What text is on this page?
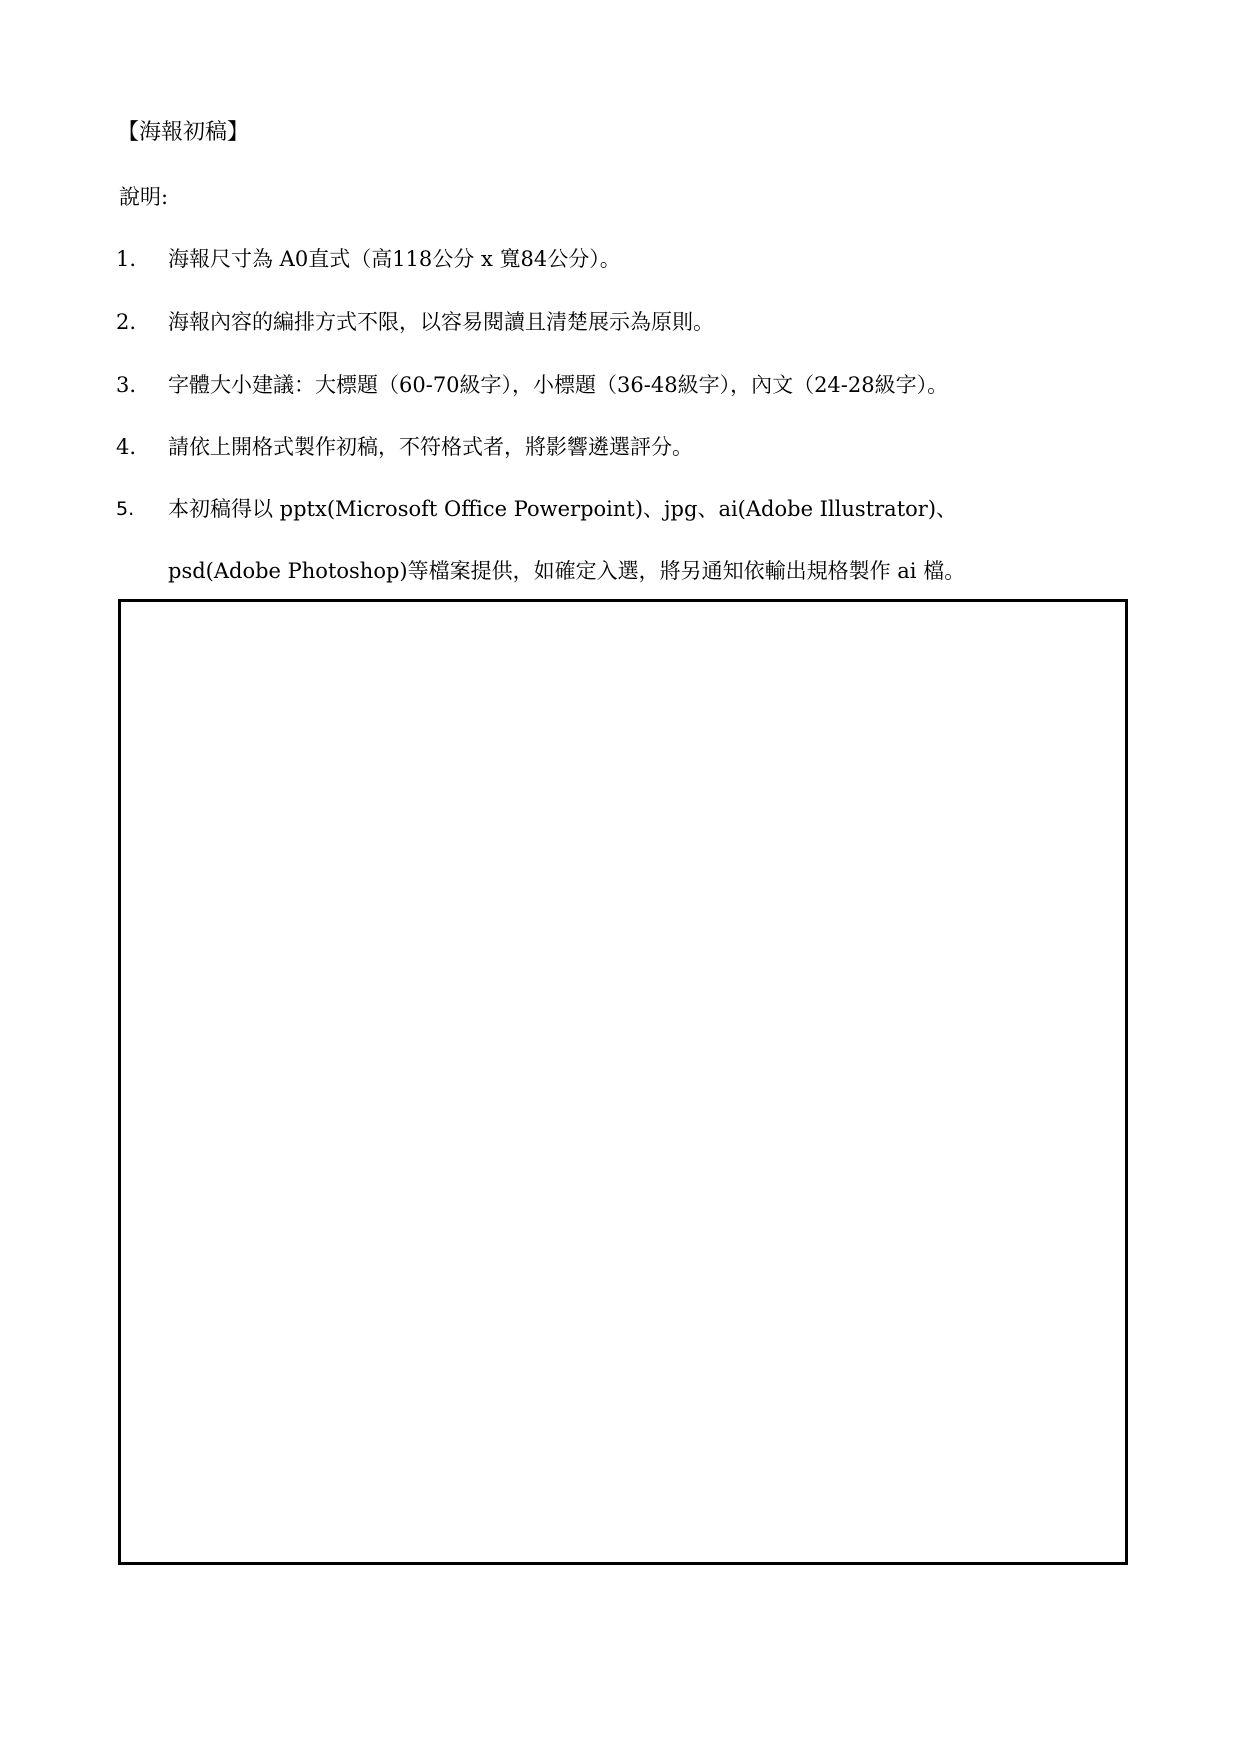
【海報初稿】
說明:
1. 海報尺寸為 A0直式（高118公分 x 寬84公分）。
2. 海報內容的編排方式不限，以容易閱讀且清楚展示為原則。
3. 字體大小建議：大標題（60-70級字），小標題（36-48級字），內文（24-28級字）。
4. 請依上開格式製作初稿，不符格式者，將影響遴選評分。
5. 本初稿得以 pptx(Microsoft Office Powerpoint)、jpg、ai(Adobe Illustrator)、
psd(Adobe Photoshop)等檔案提供，如確定入選，將另通知依輸出規格製作 ai 檔。
